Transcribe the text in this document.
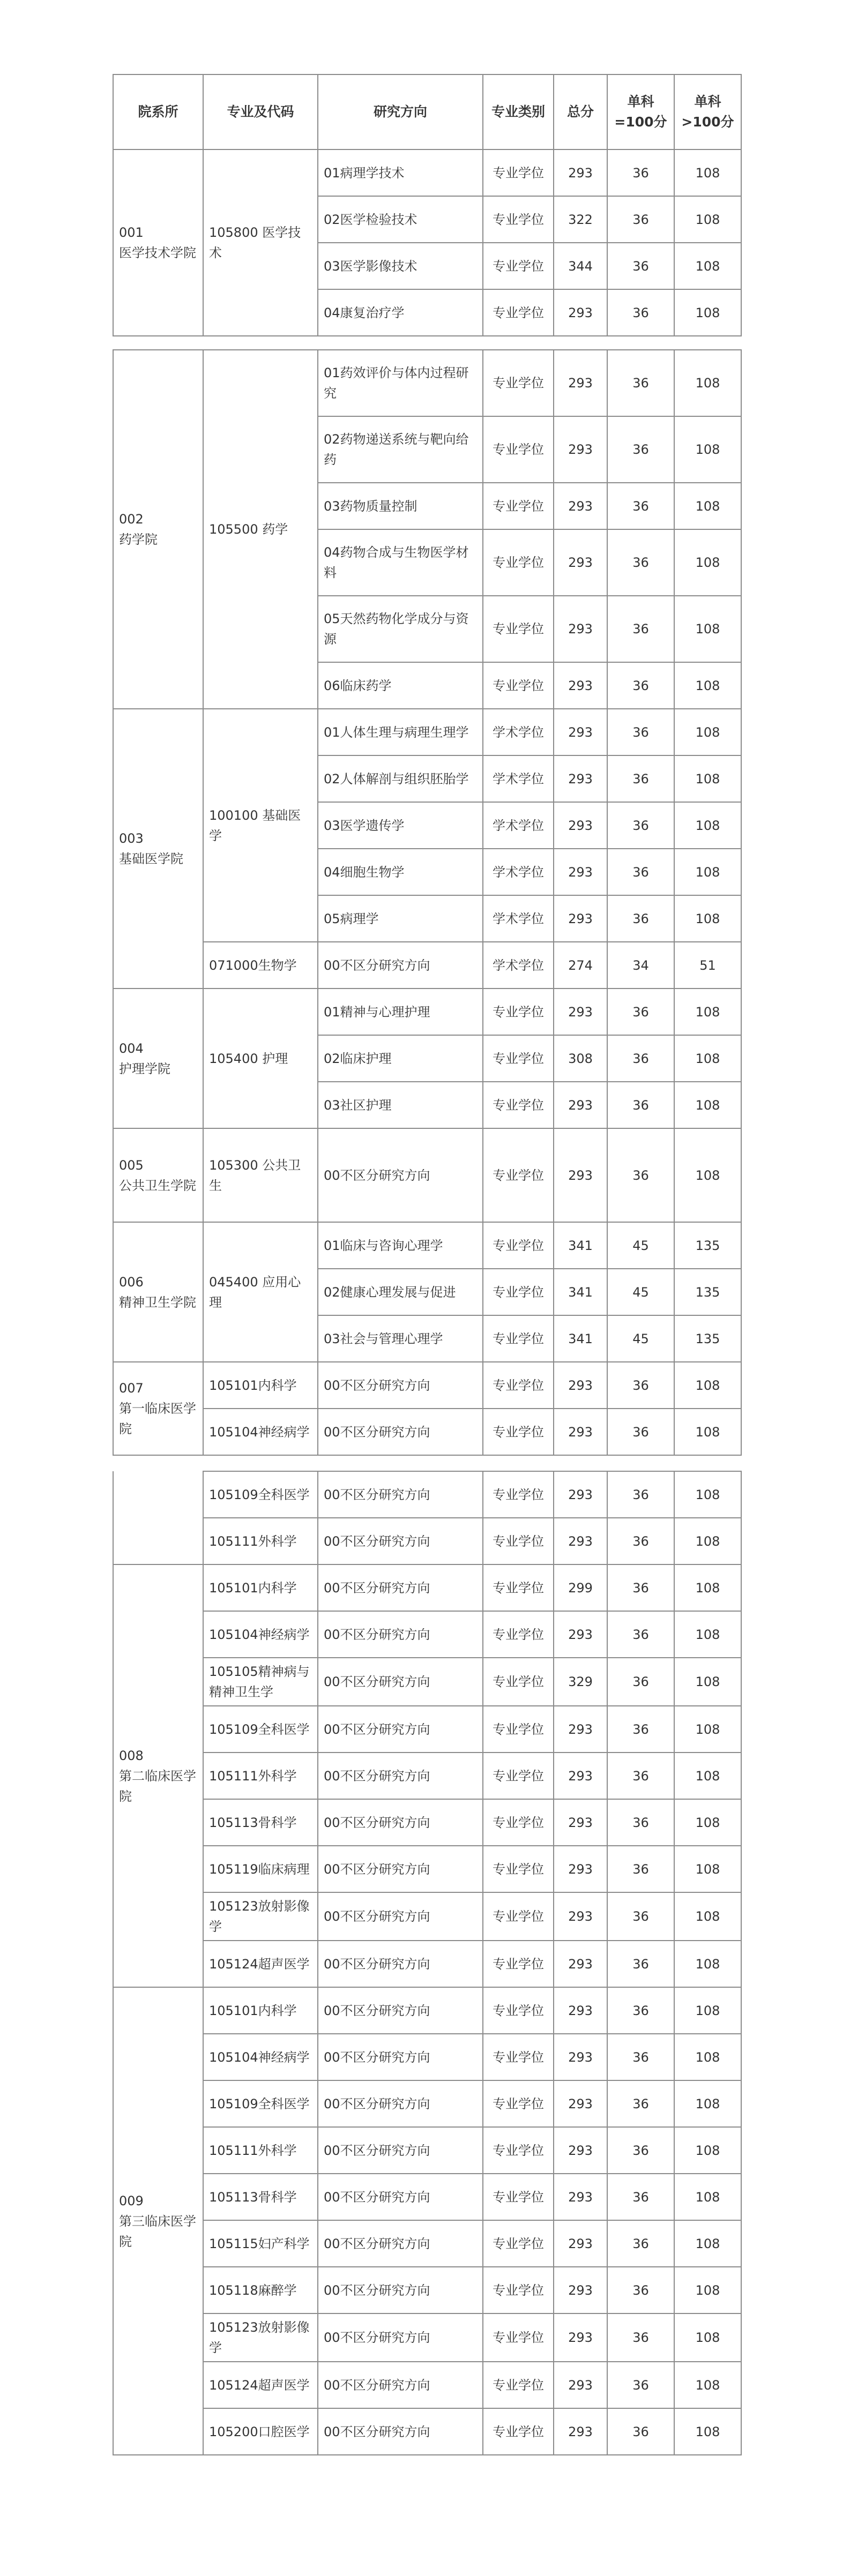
院系所	专业及代码	研究方向	专业类别	总分	单科=100分	单科>100分

001
医学技术学院	105800 医学技术	01病理学技术	专业学位	293	36	108
		02医学检验技术	专业学位	322	36	108
		03医学影像技术	专业学位	344	36	108
		04康复治疗学	专业学位	293	36	108
002
药学院	105500 药学	01药效评价与体内过程研究	专业学位	293	36	108
		02药物递送系统与靶向给药	专业学位	293	36	108
		03药物质量控制	专业学位	293	36	108
		04药物合成与生物医学材料	专业学位	293	36	108
		05天然药物化学成分与资源	专业学位	293	36	108
		06临床药学	专业学位	293	36	108

003
基础医学院	100100 基础医学	01人体生理与病理生理学	学术学位	293	36	108
		02人体解剖与组织胚胎学	学术学位	293	36	108
		03医学遗传学	学术学位	293	36	108
		04细胞生物学	学术学位	293	36	108
		05病理学	学术学位	293	36	108
	071000生物学	00不区分研究方向	学术学位	274	34	51

004
护理学院	105400 护理	01精神与心理护理	专业学位	293	36	108
		02临床护理	专业学位	308	36	108
		03社区护理	专业学位	293	36	108

005
公共卫生学院	105300 公共卫生	00不区分研究方向	专业学位	293	36	108

006
精神卫生学院	045400 应用心理	01临床与咨询心理学	专业学位	341	45	135
		02健康心理发展与促进	专业学位	341	45	135
		03社会与管理心理学	专业学位	341	45	135

007
第一临床医学院	105101内科学	00不区分研究方向	专业学位	293	36	108
	105104神经病学	00不区分研究方向	专业学位	293	36	108
	105109全科医学	00不区分研究方向	专业学位	293	36	108
	105111外科学	00不区分研究方向	专业学位	293	36	108

008
第二临床医学院	105101内科学	00不区分研究方向	专业学位	299	36	108
	105104神经病学	00不区分研究方向	专业学位	293	36	108
	105105精神病与精神卫生学	00不区分研究方向	专业学位	329	36	108
	105109全科医学	00不区分研究方向	专业学位	293	36	108
	105111外科学	00不区分研究方向	专业学位	293	36	108
	105113骨科学	00不区分研究方向	专业学位	293	36	108
	105119临床病理	00不区分研究方向	专业学位	293	36	108
	105123放射影像学	00不区分研究方向	专业学位	293	36	108
	105124超声医学	00不区分研究方向	专业学位	293	36	108

009
第三临床医学院	105101内科学	00不区分研究方向	专业学位	293	36	108
	105104神经病学	00不区分研究方向	专业学位	293	36	108
	105109全科医学	00不区分研究方向	专业学位	293	36	108
	105111外科学	00不区分研究方向	专业学位	293	36	108
	105113骨科学	00不区分研究方向	专业学位	293	36	108
	105115妇产科学	00不区分研究方向	专业学位	293	36	108
	105118麻醉学	00不区分研究方向	专业学位	293	36	108
	105123放射影像学	00不区分研究方向	专业学位	293	36	108
	105124超声医学	00不区分研究方向	专业学位	293	36	108
	105200口腔医学	00不区分研究方向	专业学位	293	36	108
